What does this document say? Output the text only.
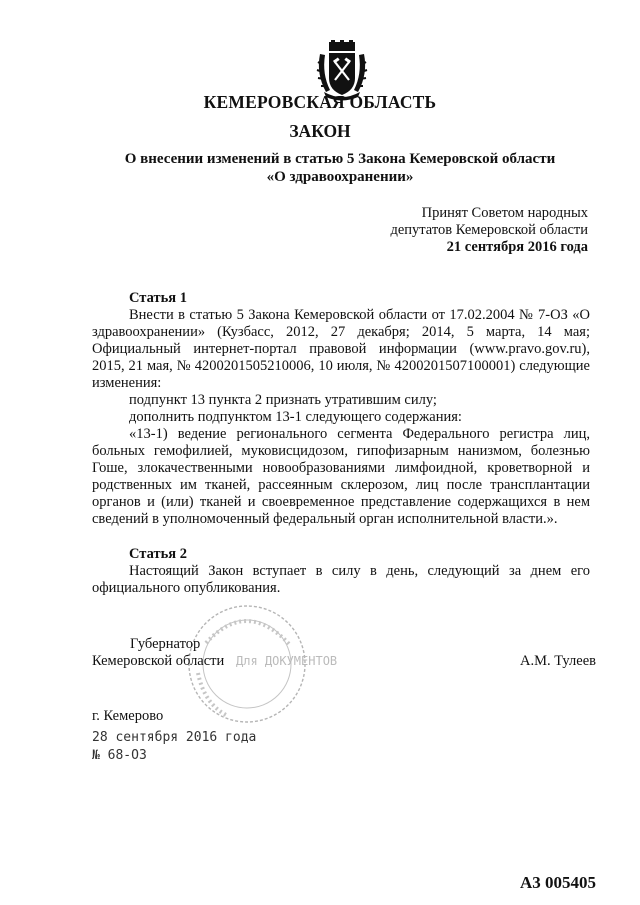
КЕМЕРОВСКАЯ ОБЛАСТЬ
ЗАКОН
О внесении изменений в статью 5 Закона Кемеровской области
«О здравоохранении»
Принят Советом народных
депутатов Кемеровской области
21 сентября 2016 года

Статья 1

Внести в статью 5 Закона Кемеровской области от 17.02.2004 № 7-ОЗ «О здравоохранении» (Кузбасс, 2012, 27 декабря; 2014, 5 марта, 14 мая; Официальный интернет-портал правовой информации (www.pravo.gov.ru), 2015, 21 мая, № 4200201505210006, 10 июля, № 4200201507100001) следующие изменения:

подпункт 13 пункта 2 признать утратившим силу;

дополнить подпунктом 13-1 следующего содержания:

«13-1) ведение регионального сегмента Федерального регистра лиц, больных гемофилией, муковисцидозом, гипофизарным нанизмом, болезнью Гоше, злокачественными новообразованиями лимфоидной, кроветворной и родственных им тканей, рассеянным склерозом, лиц после трансплантации органов и (или) тканей и своевременное представление содержащихся в нем сведений в уполномоченный федеральный орган исполнительной власти.».

Статья 2

Настоящий Закон вступает в силу в день, следующий за днем его официального опубликования.

Для ДОКУМЕНТОВ
Губернатор
Кемеровской области	А.М. Тулеев
г. Кемерово
28 сентября 2016 года
№ 68-ОЗ
А3 005405
